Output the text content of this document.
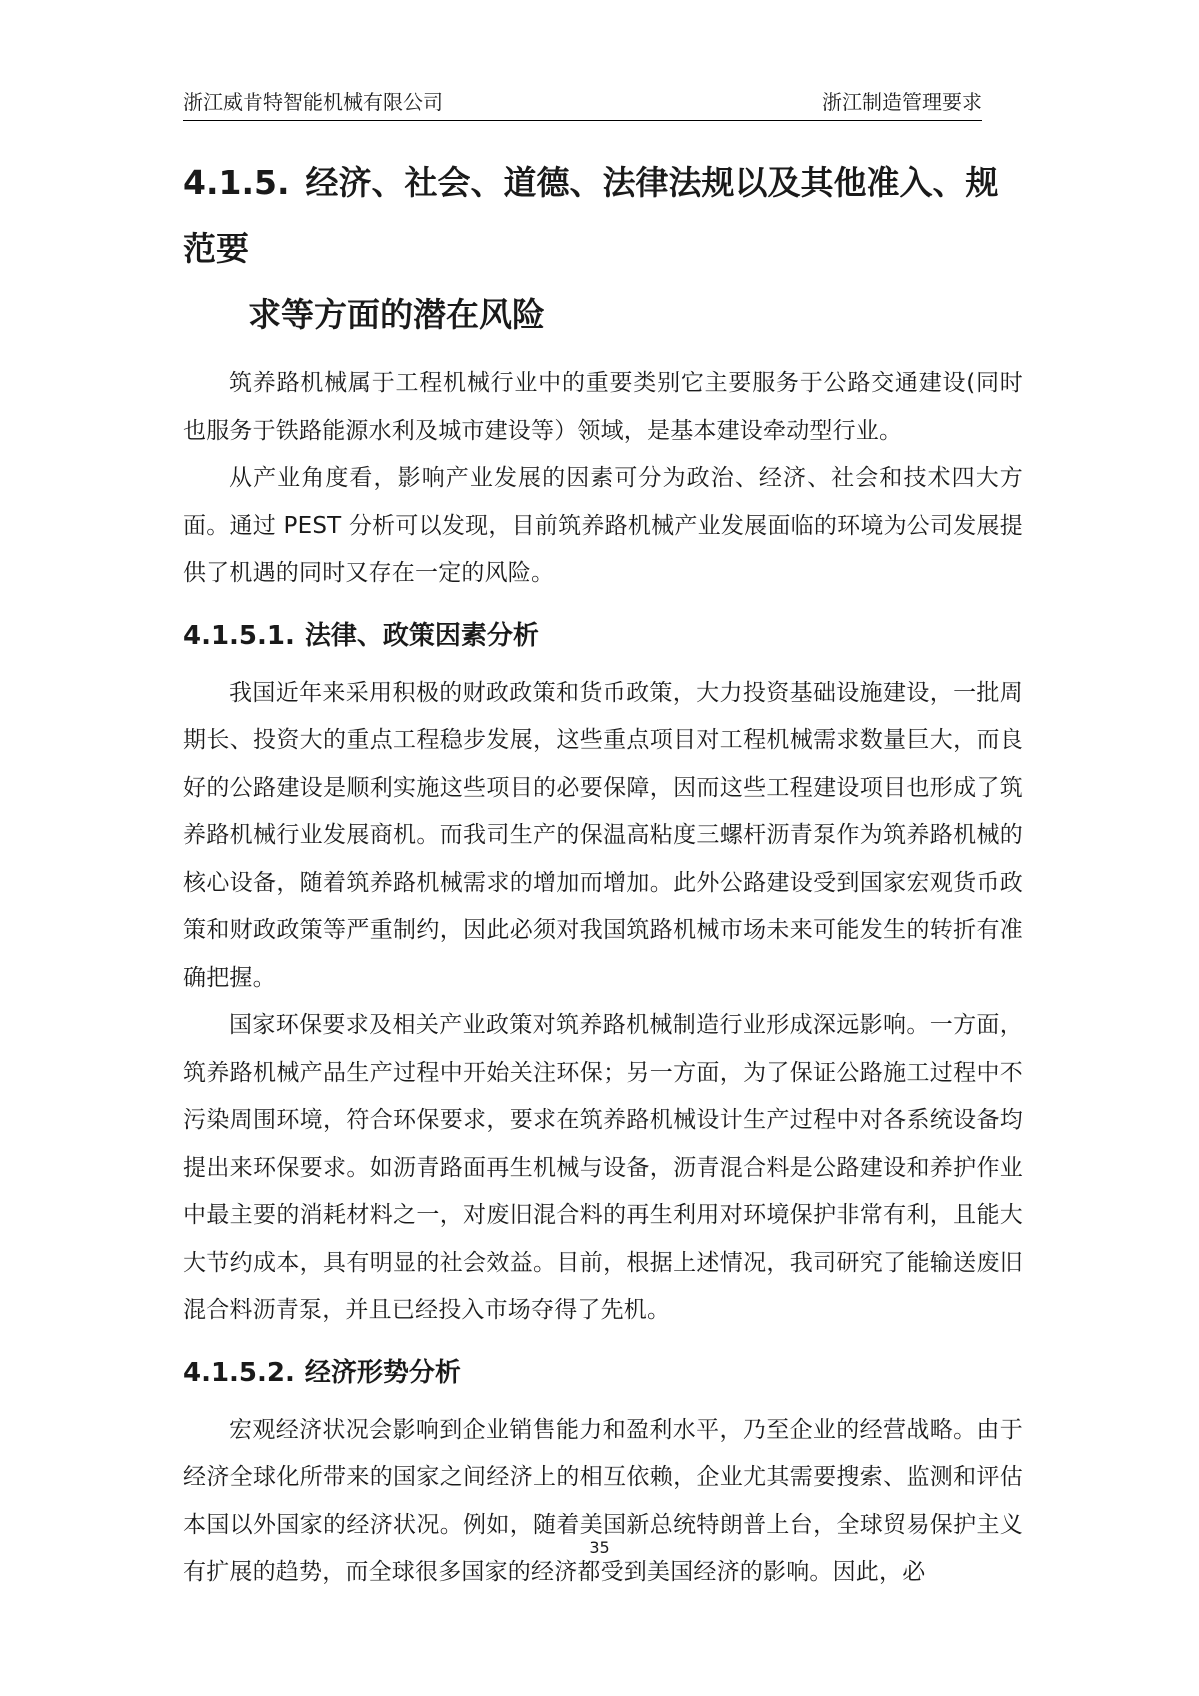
浙江威肯特智能机械有限公司	浙江制造管理要求
4.1.5. 经济、社会、道德、法律法规以及其他准入、规范要
求等方面的潜在风险

筑养路机械属于工程机械行业中的重要类别它主要服务于公路交通建设(同时也服务于铁路能源水利及城市建设等）领域，是基本建设牵动型行业。

从产业角度看，影响产业发展的因素可分为政治、经济、社会和技术四大方面。通过 PEST 分析可以发现，目前筑养路机械产业发展面临的环境为公司发展提供了机遇的同时又存在一定的风险。

4.1.5.1. 法律、政策因素分析

我国近年来采用积极的财政政策和货币政策，大力投资基础设施建设，一批周期长、投资大的重点工程稳步发展，这些重点项目对工程机械需求数量巨大，而良好的公路建设是顺利实施这些项目的必要保障，因而这些工程建设项目也形成了筑养路机械行业发展商机。而我司生产的保温高粘度三螺杆沥青泵作为筑养路机械的核心设备，随着筑养路机械需求的增加而增加。此外公路建设受到国家宏观货币政策和财政政策等严重制约，因此必须对我国筑路机械市场未来可能发生的转折有准确把握。

国家环保要求及相关产业政策对筑养路机械制造行业形成深远影响。一方面，筑养路机械产品生产过程中开始关注环保；另一方面，为了保证公路施工过程中不污染周围环境，符合环保要求，要求在筑养路机械设计生产过程中对各系统设备均提出来环保要求。如沥青路面再生机械与设备，沥青混合料是公路建设和养护作业中最主要的消耗材料之一，对废旧混合料的再生利用对环境保护非常有利，且能大大节约成本，具有明显的社会效益。目前，根据上述情况，我司研究了能输送废旧混合料沥青泵，并且已经投入市场夺得了先机。

4.1.5.2. 经济形势分析

宏观经济状况会影响到企业销售能力和盈利水平，乃至企业的经营战略。由于经济全球化所带来的国家之间经济上的相互依赖，企业尤其需要搜索、监测和评估本国以外国家的经济状况。例如，随着美国新总统特朗普上台，全球贸易保护主义有扩展的趋势，而全球很多国家的经济都受到美国经济的影响。因此，必

35
